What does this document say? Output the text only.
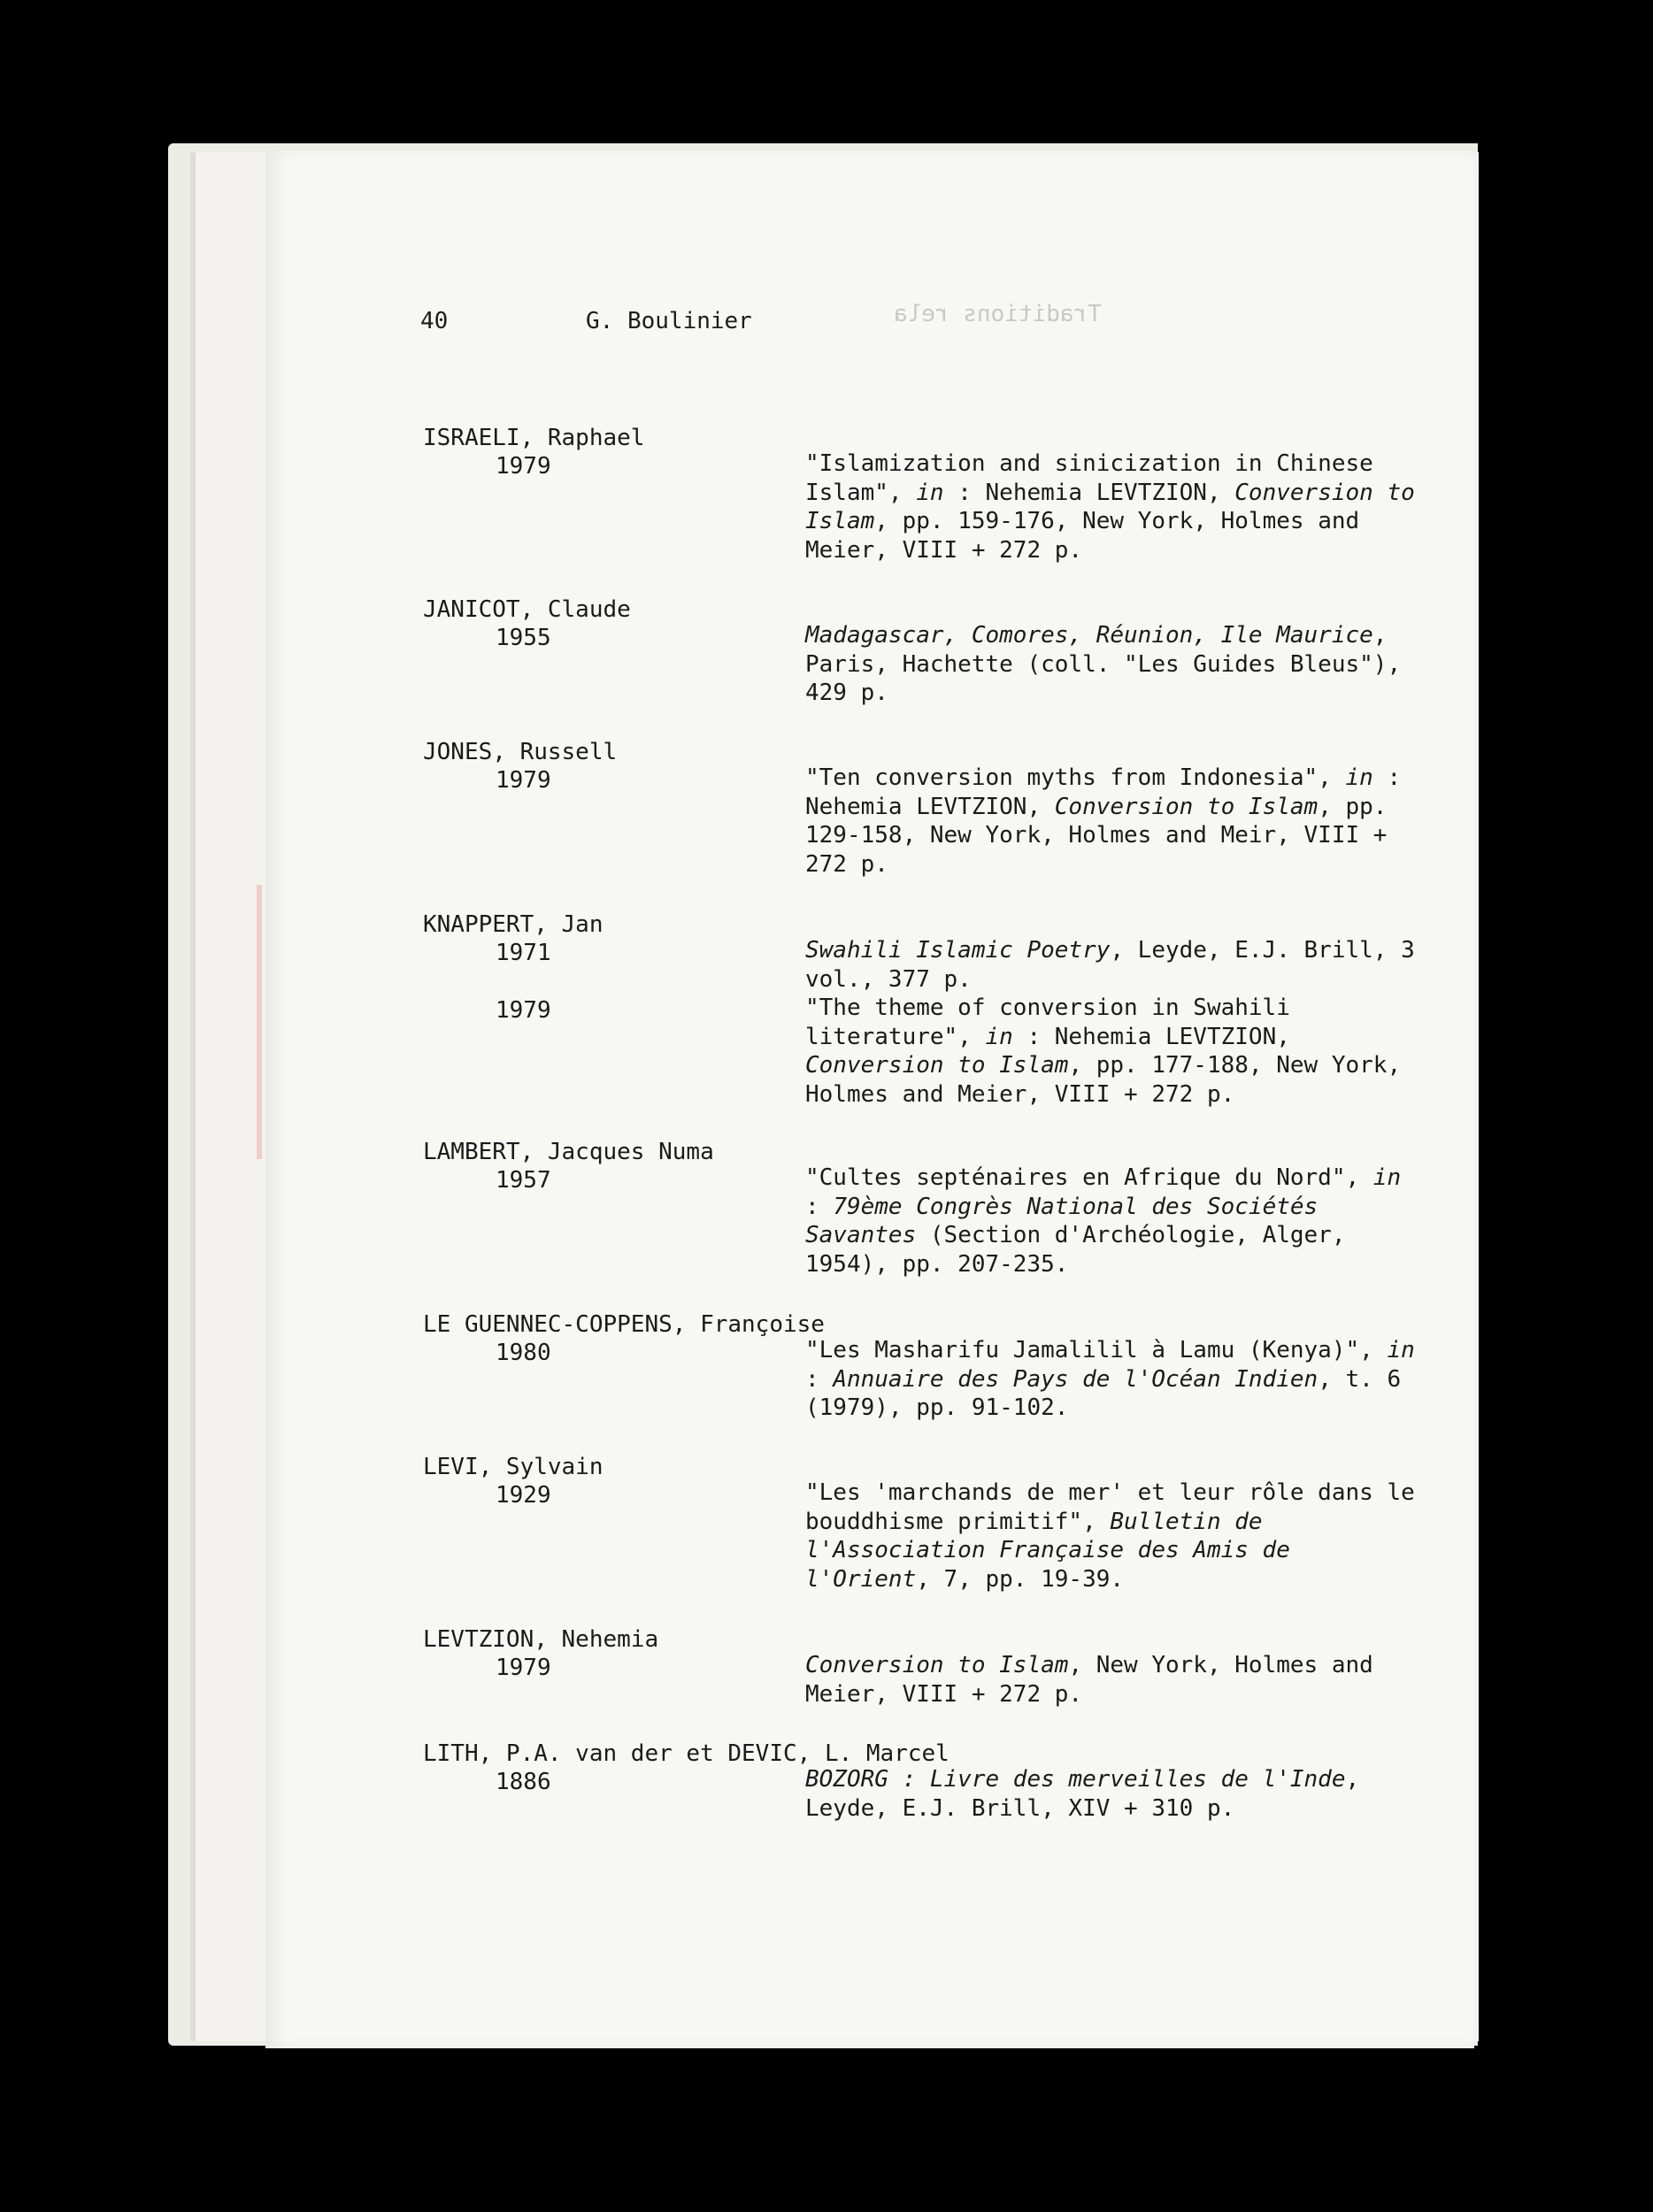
Traditions rela
40	G. Boulinier
ISRAELI, Raphael
1979	"Islamization and sinicization in Chinese Islam", in : Nehemia LEVTZION, Conversion to Islam, pp. 159-176, New York, Holmes and Meier, VIII + 272 p.
JANICOT, Claude
1955	Madagascar, Comores, Réunion, Ile Maurice, Paris, Hachette (coll. "Les Guides Bleus"), 429 p.
JONES, Russell
1979	"Ten conversion myths from Indonesia", in : Nehemia LEVTZION, Conversion to Islam, pp. 129-158, New York, Holmes and Meir, VIII + 272 p.
KNAPPERT, Jan
1971	Swahili Islamic Poetry, Leyde, E.J. Brill, 3 vol., 377 p.
1979	"The theme of conversion in Swahili literature", in : Nehemia LEVTZION, Conversion to Islam, pp. 177-188, New York, Holmes and Meier, VIII + 272 p.
LAMBERT, Jacques Numa
1957	"Cultes septénaires en Afrique du Nord", in : 79ème Congrès National des Sociétés Savantes (Section d'Archéologie, Alger, 1954), pp. 207-235.
LE GUENNEC-COPPENS, Françoise
1980	"Les Masharifu Jamalilil à Lamu (Kenya)", in : Annuaire des Pays de l'Océan Indien, t. 6 (1979), pp. 91-102.
LEVI, Sylvain
1929	"Les 'marchands de mer' et leur rôle dans le bouddhisme primitif", Bulletin de l'Association Française des Amis de l'Orient, 7, pp. 19-39.
LEVTZION, Nehemia
1979	Conversion to Islam, New York, Holmes and Meier, VIII + 272 p.
LITH, P.A. van der et DEVIC, L. Marcel
1886	BOZORG : Livre des merveilles de l'Inde, Leyde, E.J. Brill, XIV + 310 p.
